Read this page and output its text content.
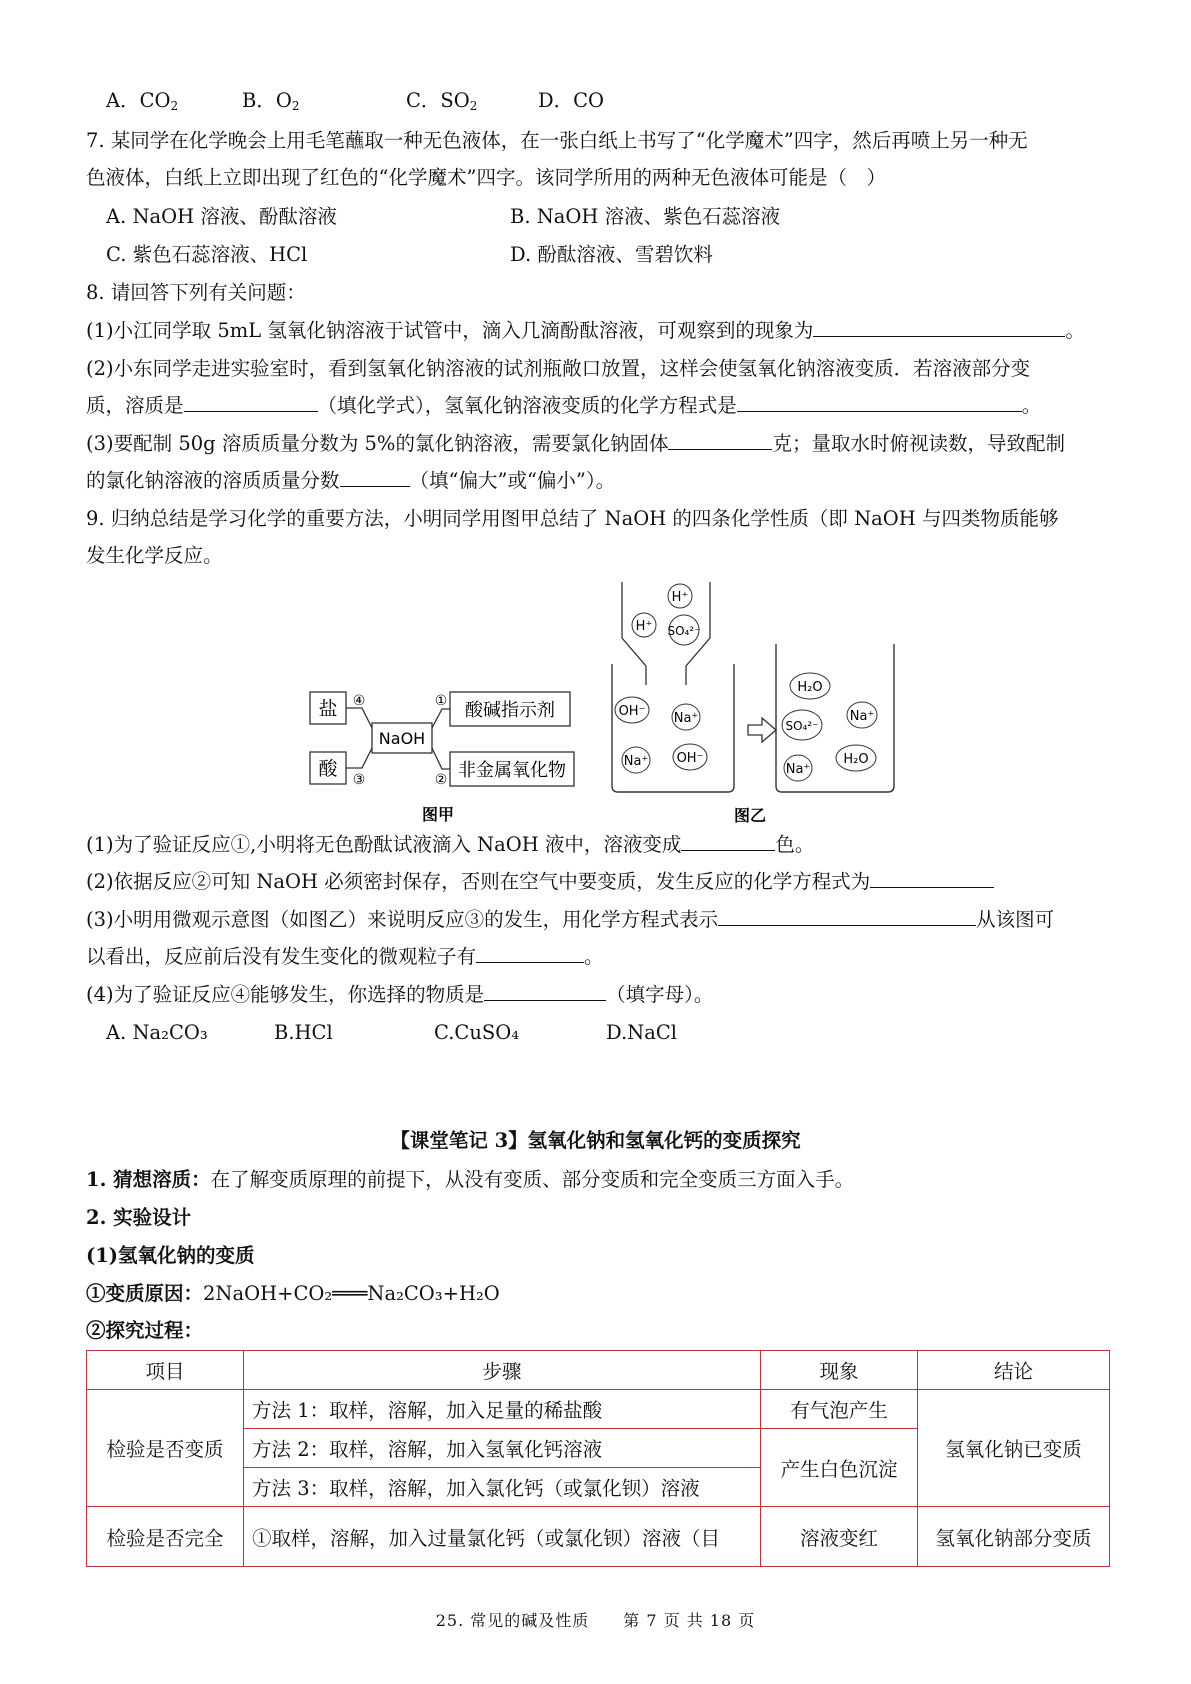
A．$CO_2$	B．$O_2$	C．$SO_2$	D．CO
7. 某同学在化学晚会上用毛笔蘸取一种无色液体，在一张白纸上书写了“化学魔术”四字，然后再喷上另一种无
色液体，白纸上立即出现了红色的“化学魔术”四字。该同学所用的两种无色液体可能是（　）
A. NaOH 溶液、酚酞溶液	B. NaOH 溶液、紫色石蕊溶液
C. 紫色石蕊溶液、HCl	D. 酚酞溶液、雪碧饮料
8. 请回答下列有关问题：
(1)小江同学取 5mL 氢氧化钠溶液于试管中，滴入几滴酚酞溶液，可观察到的现象为	。
(2)小东同学走进实验室时，看到氢氧化钠溶液的试剂瓶敞口放置，这样会使氢氧化钠溶液变质．若溶液部分变
质，溶质是	（填化学式），氢氧化钠溶液变质的化学方程式是	。
(3)要配制 50g 溶质质量分数为 5%的氯化钠溶液，需要氯化钠固体	克；量取水时俯视读数，导致配制
的氯化钠溶液的溶质质量分数	（填“偏大”或“偏小”）。
9. 归纳总结是学习化学的重要方法，小明同学用图甲总结了 NaOH 的四条化学性质（即 NaOH 与四类物质能够
发生化学反应。
盐
酸
NaOH
酸碱指示剂
非金属氧化物
④
③
①
②
图甲
H⁺
H⁺ SO₄²⁻
OH⁻ Na⁺
Na⁺ OH⁻
H₂O
SO₄²⁻
Na⁺
Na⁺
H₂O
图乙
(1)为了验证反应①,小明将无色酚酞试液滴入 NaOH 液中，溶液变成	色。
(2)依据反应②可知 NaOH 必须密封保存，否则在空气中要变质，发生反应的化学方程式为
(3)小明用微观示意图（如图乙）来说明反应③的发生，用化学方程式表示	从该图可
以看出，反应前后没有发生变化的微观粒子有	。
(4)为了验证反应④能够发生，你选择的物质是	（填字母）。
A. Na₂CO₃	B.HCl	C.CuSO₄	D.NaCl
【课堂笔记 3】氢氧化钠和氢氧化钙的变质探究
1. 猜想溶质：在了解变质原理的前提下，从没有变质、部分变质和完全变质三方面入手。
2. 实验设计
(1)氢氧化钠的变质
①变质原因：2NaOH+CO₂═══Na₂CO₃+H₂O
②探究过程：
项目	步骤	现象	结论
检验是否变质	方法 1：取样，溶解，加入足量的稀盐酸	有气泡产生	氢氧化钠已变质
	方法 2：取样，溶解，加入氢氧化钙溶液	产生白色沉淀	
	方法 3：取样，溶解，加入氯化钙（或氯化钡）溶液		
检验是否完全	①取样，溶解，加入过量氯化钙（或氯化钡）溶液（目	溶液变红	氢氧化钠部分变质
25. 常见的碱及性质　　第 7 页 共 18 页
